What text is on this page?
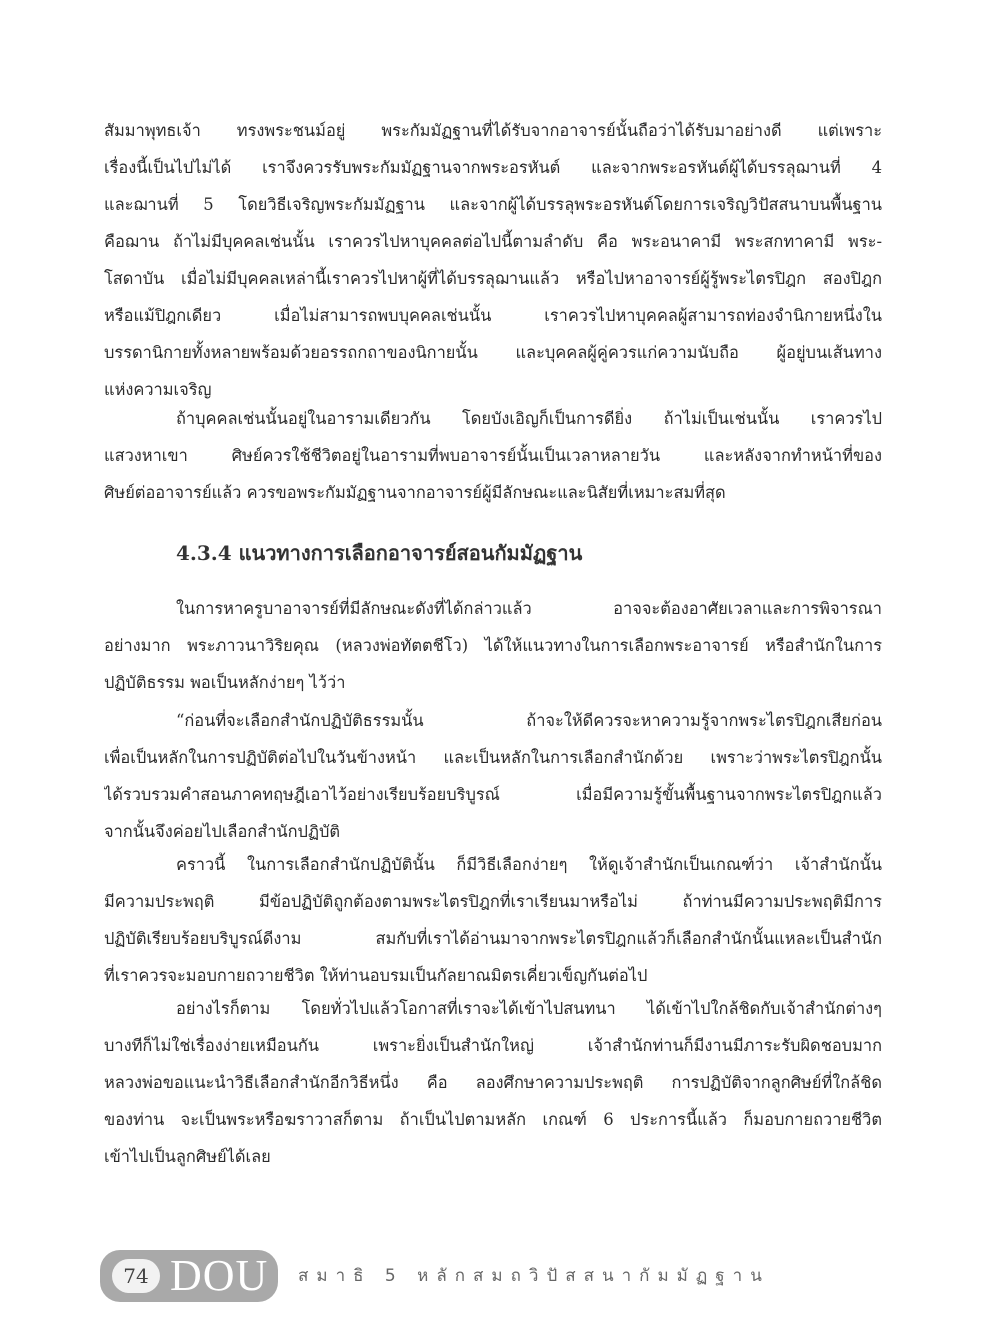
สัมมาพุทธเจ้า ทรงพระชนม์อยู่ พระกัมมัฏฐานที่ได้รับจากอาจารย์นั้นถือว่าได้รับมาอย่างดี แต่เพราะ
เรื่องนี้เป็นไปไม่ได้ เราจึงควรรับพระกัมมัฏฐานจากพระอรหันต์ และจากพระอรหันต์ผู้ได้บรรลุฌานที่ 4
และฌานที่ 5 โดยวิธีเจริญพระกัมมัฏฐาน และจากผู้ได้บรรลุพระอรหันต์โดยการเจริญวิปัสสนาบนพื้นฐาน
คือฌาน ถ้าไม่มีบุคคลเช่นนั้น เราควรไปหาบุคคลต่อไปนี้ตามลำดับ คือ พระอนาคามี พระสกทาคามี พระ-
โสดาบัน เมื่อไม่มีบุคคลเหล่านี้เราควรไปหาผู้ที่ได้บรรลุฌานแล้ว หรือไปหาอาจารย์ผู้รู้พระไตรปิฎก สองปิฎก
หรือแม้ปิฎกเดียว เมื่อไม่สามารถพบบุคคลเช่นนั้น เราควรไปหาบุคคลผู้สามารถท่องจำนิกายหนึ่งใน
บรรดานิกายทั้งหลายพร้อมด้วยอรรถกถาของนิกายนั้น และบุคคลผู้คู่ควรแก่ความนับถือ ผู้อยู่บนเส้นทาง
แห่งความเจริญ
ถ้าบุคคลเช่นนั้นอยู่ในอารามเดียวกัน โดยบังเอิญก็เป็นการดียิ่ง ถ้าไม่เป็นเช่นนั้น เราควรไป
แสวงหาเขา ศิษย์ควรใช้ชีวิตอยู่ในอารามที่พบอาจารย์นั้นเป็นเวลาหลายวัน และหลังจากทำหน้าที่ของ
ศิษย์ต่ออาจารย์แล้ว ควรขอพระกัมมัฏฐานจากอาจารย์ผู้มีลักษณะและนิสัยที่เหมาะสมที่สุด
ในการหาครูบาอาจารย์ที่มีลักษณะดังที่ได้กล่าวแล้ว อาจจะต้องอาศัยเวลาและการพิจารณา
อย่างมาก พระภาวนาวิริยคุณ (หลวงพ่อทัตตชีโว) ได้ให้แนวทางในการเลือกพระอาจารย์ หรือสำนักในการ
ปฏิบัติธรรม พอเป็นหลักง่ายๆ ไว้ว่า
“ก่อนที่จะเลือกสำนักปฏิบัติธรรมนั้น ถ้าจะให้ดีควรจะหาความรู้จากพระไตรปิฎกเสียก่อน
เพื่อเป็นหลักในการปฏิบัติต่อไปในวันข้างหน้า และเป็นหลักในการเลือกสำนักด้วย เพราะว่าพระไตรปิฎกนั้น
ได้รวบรวมคำสอนภาคทฤษฎีเอาไว้อย่างเรียบร้อยบริบูรณ์ เมื่อมีความรู้ขั้นพื้นฐานจากพระไตรปิฎกแล้ว
จากนั้นจึงค่อยไปเลือกสำนักปฏิบัติ
คราวนี้ ในการเลือกสำนักปฏิบัตินั้น ก็มีวิธีเลือกง่ายๆ ให้ดูเจ้าสำนักเป็นเกณฑ์ว่า เจ้าสำนักนั้น
มีความประพฤติ มีข้อปฏิบัติถูกต้องตามพระไตรปิฎกที่เราเรียนมาหรือไม่ ถ้าท่านมีความประพฤติมีการ
ปฏิบัติเรียบร้อยบริบูรณ์ดีงาม สมกับที่เราได้อ่านมาจากพระไตรปิฎกแล้วก็เลือกสำนักนั้นแหละเป็นสำนัก
ที่เราควรจะมอบกายถวายชีวิต ให้ท่านอบรมเป็นกัลยาณมิตรเคี่ยวเข็ญกันต่อไป
อย่างไรก็ตาม โดยทั่วไปแล้วโอกาสที่เราจะได้เข้าไปสนทนา ได้เข้าไปใกล้ชิดกับเจ้าสำนักต่างๆ
บางทีก็ไม่ใช่เรื่องง่ายเหมือนกัน เพราะยิ่งเป็นสำนักใหญ่ เจ้าสำนักท่านก็มีงานมีภาระรับผิดชอบมาก
หลวงพ่อขอแนะนำวิธีเลือกสำนักอีกวิธีหนึ่ง คือ ลองศึกษาความประพฤติ การปฏิบัติจากลูกศิษย์ที่ใกล้ชิด
ของท่าน จะเป็นพระหรือฆราวาสก็ตาม ถ้าเป็นไปตามหลัก เกณฑ์ 6 ประการนี้แล้ว ก็มอบกายถวายชีวิต
เข้าไปเป็นลูกศิษย์ได้เลย
4.3.4 แนวทางการเลือกอาจารย์สอนกัมมัฏฐาน
74 DOU สมาธิ 5 หลักสมถวิปัสสนากัมมัฏฐาน
